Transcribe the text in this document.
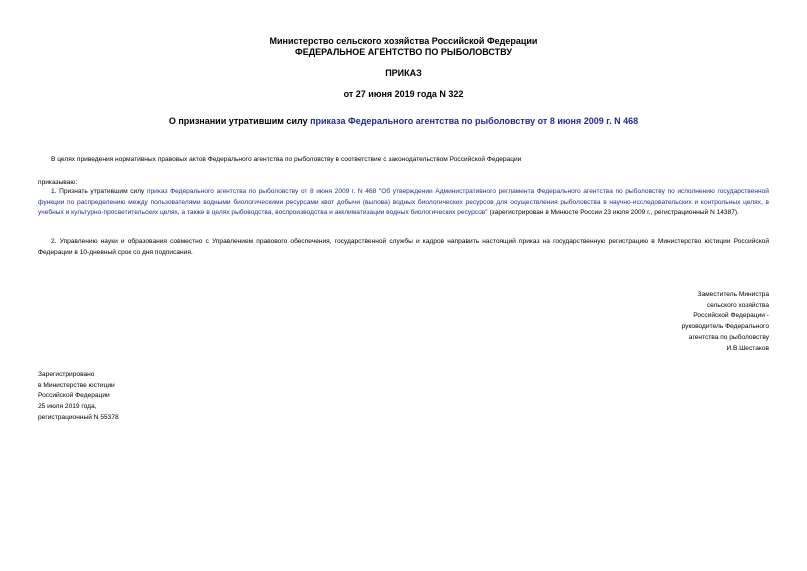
Министерство сельского хозяйства Российской Федерации
ФЕДЕРАЛЬНОЕ АГЕНТСТВО ПО РЫБОЛОВСТВУ
ПРИКАЗ
от 27 июня 2019 года N 322
О признании утратившим силу приказа Федерального агентства по рыболовству от 8 июня 2009 г. N 468
В целях приведения нормативных правовых актов Федерального агентства по рыболовству в соответствие с законодательством Российской Федерации
приказываю:
1. Признать утратившим силу приказ Федерального агентства по рыболовству от 8 июня 2009 г. N 468 "Об утверждении Административного регламента Федерального агентства по рыболовству по исполнению государственной функции по распределению между пользователями водными биологическими ресурсами квот добычи (вылова) водных биологических ресурсов для осуществления рыболовства в научно-исследовательских и контрольных целях, в учебных и культурно-просветительских целях, а также в целях рыбоводства, воспроизводства и акклиматизации водных биологических ресурсов" (зарегистрирован в Минюсте России 23 июля 2009 г., регистрационный N 14387).
2. Управлению науки и образования совместно с Управлением правового обеспечения, государственной службы и кадров направить настоящий приказ на государственную регистрацию в Министерство юстиции Российской Федерации в 10-дневный срок со дня подписания.
Заместитель Министра
сельского хозяйства
Российской Федерации -
руководитель Федерального
агентства по рыболовству
И.В.Шестаков
Зарегистрировано
в Министерстве юстиции
Российской Федерации
25 июля 2019 года,
регистрационный N 55378
